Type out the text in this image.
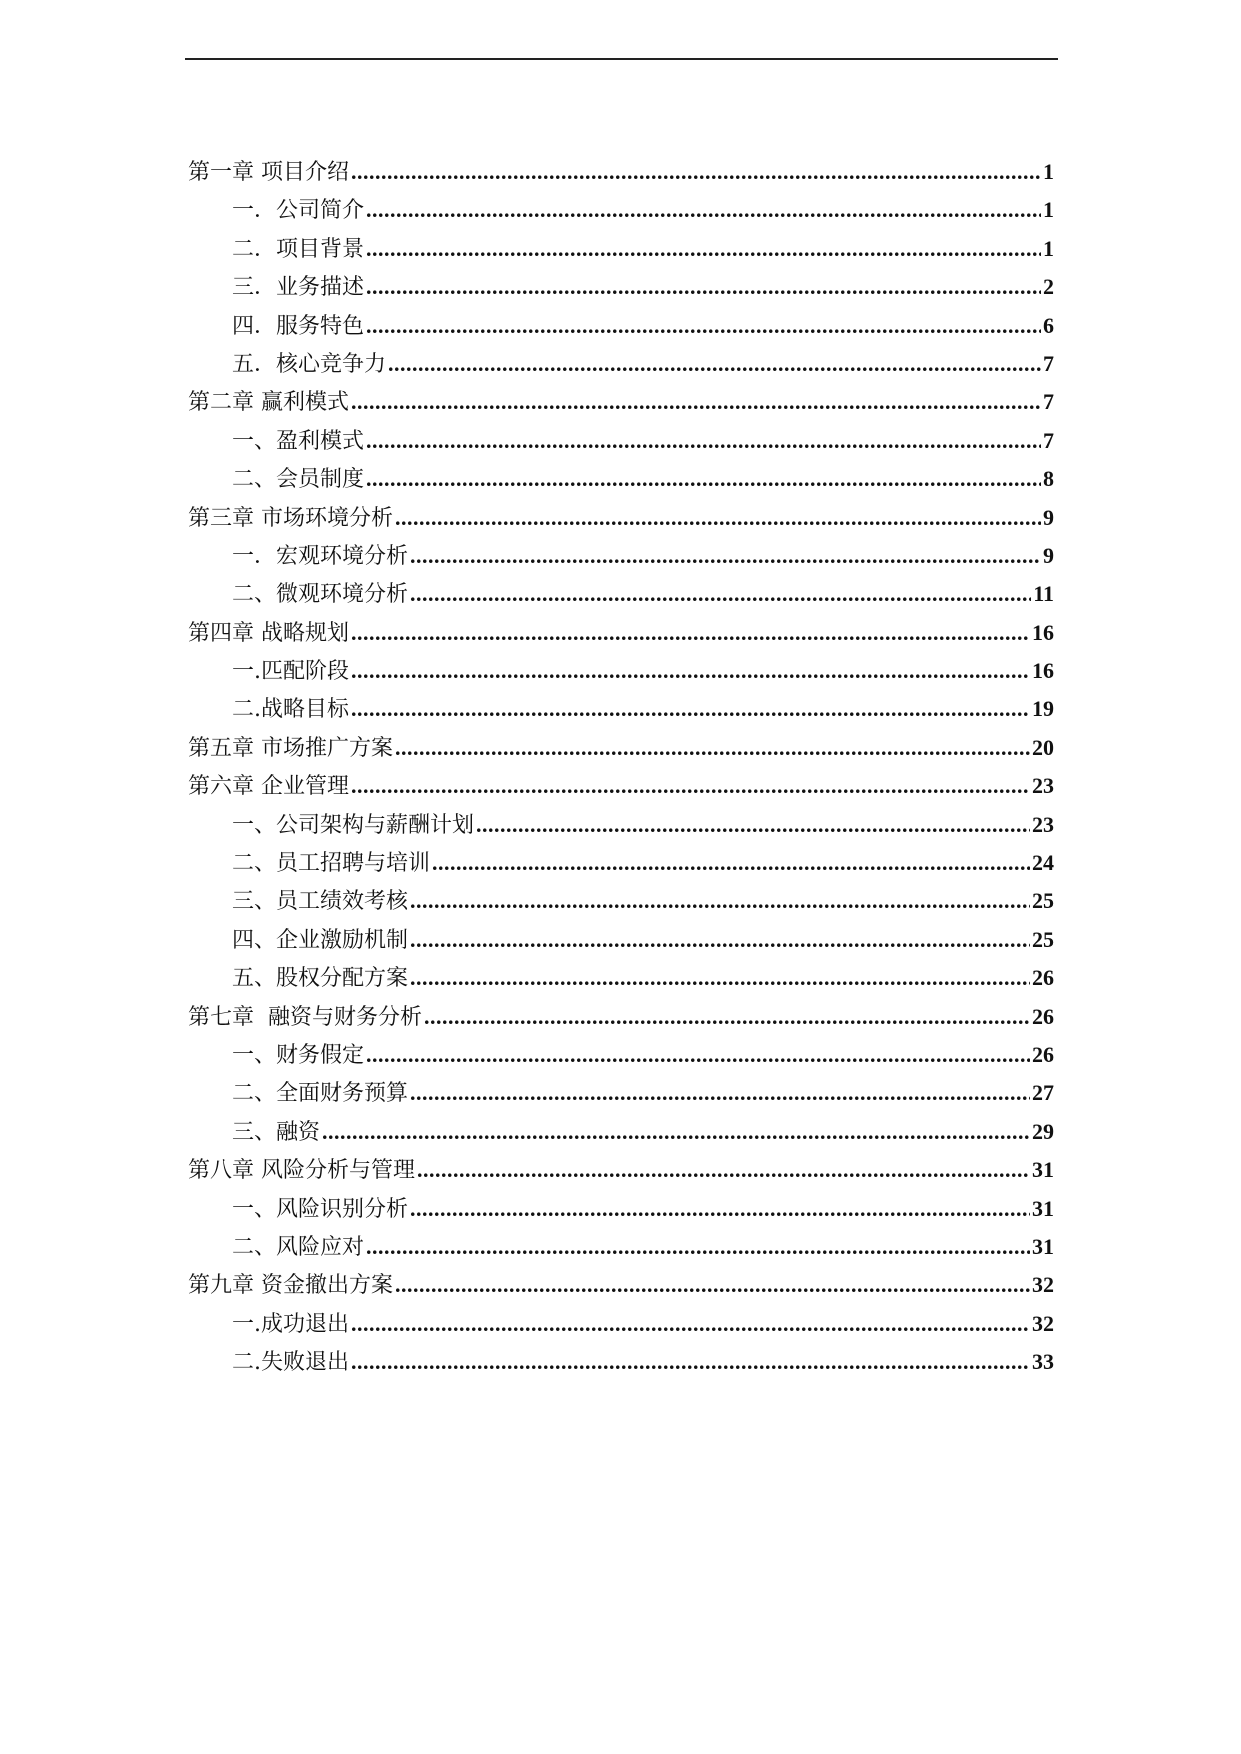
第一章 项目介绍 .....	1
一．公司简介 .....	1
二．项目背景 .....	1
三．业务描述 .....	2
四．服务特色 .....	6
五．核心竞争力 .....	7
第二章 赢利模式 .....	7
一、盈利模式 .....	7
二、会员制度 .....	8
第三章 市场环境分析 .....	9
一．宏观环境分析 .....	9
二、微观环境分析 .....	11
第四章 战略规划 .....	16
一.匹配阶段 .....	16
二.战略目标 .....	19
第五章 市场推广方案 .....	20
第六章 企业管理 .....	23
一、公司架构与薪酬计划 .....	23
二、员工招聘与培训 .....	24
三、员工绩效考核 .....	25
四、企业激励机制 .....	25
五、股权分配方案 .....	26
第七章  融资与财务分析 .....	26
一、财务假定 .....	26
二、全面财务预算 .....	27
三、融资 .....	29
第八章 风险分析与管理 .....	31
一、风险识别分析 .....	31
二、风险应对 .....	31
第九章 资金撤出方案 .....	32
一.成功退出 .....	32
二.失败退出 .....	33
